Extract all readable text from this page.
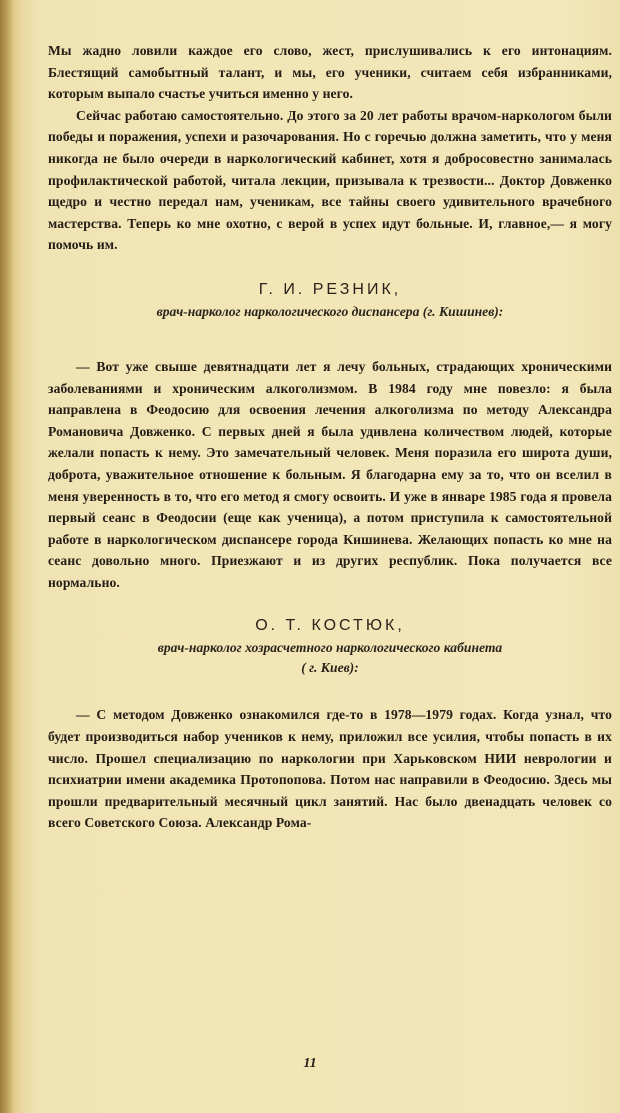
Мы жадно ловили каждое его слово, жест, прислушивались к его интонациям. Блестящий самобытный талант, и мы, его ученики, считаем себя избранниками, которым выпало счастье учиться именно у него.

Сейчас работаю самостоятельно. До этого за 20 лет работы врачом-наркологом были победы и поражения, успехи и разочарования. Но с горечью должна заметить, что у меня никогда не было очереди в наркологический кабинет, хотя я добросовестно занималась профилактической работой, читала лекции, призывала к трезвости... Доктор Довженко щедро и честно передал нам, ученикам, все тайны своего удивительного врачебного мастерства. Теперь ко мне охотно, с верой в успех идут больные. И, главное,— я могу помочь им.

Г. И. РЕЗНИК,

врач-нарколог наркологического диспансера (г. Кишинев):

— Вот уже свыше девятнадцати лет я лечу больных, страдающих хроническими заболеваниями и хроническим алкоголизмом. В 1984 году мне повезло: я была направлена в Феодосию для освоения лечения алкоголизма по методу Александра Романовича Довженко. С первых дней я была удивлена количеством людей, которые желали попасть к нему. Это замечательный человек. Меня поразила его широта души, доброта, уважительное отношение к больным. Я благодарна ему за то, что он вселил в меня уверенность в то, что его метод я смогу освоить. И уже в январе 1985 года я провела первый сеанс в Феодосии (еще как ученица), а потом приступила к самостоятельной работе в наркологическом диспансере города Кишинева. Желающих попасть ко мне на сеанс довольно много. Приезжают и из других республик. Пока получается все нормально.

О. Т. КОСТЮК,

врач-нарколог хозрасчетного наркологического кабинета

( г. Киев):

— С методом Довженко ознакомился где-то в 1978—1979 годах. Когда узнал, что будет производиться набор учеников к нему, приложил все усилия, чтобы попасть в их число. Прошел специализацию по наркологии при Харьковском НИИ неврологии и психиатрии имени академика Протопопова. Потом нас направили в Феодосию. Здесь мы прошли предварительный месячный цикл занятий. Нас было двенадцать человек со всего Советского Союза. Александр Рома-

11
